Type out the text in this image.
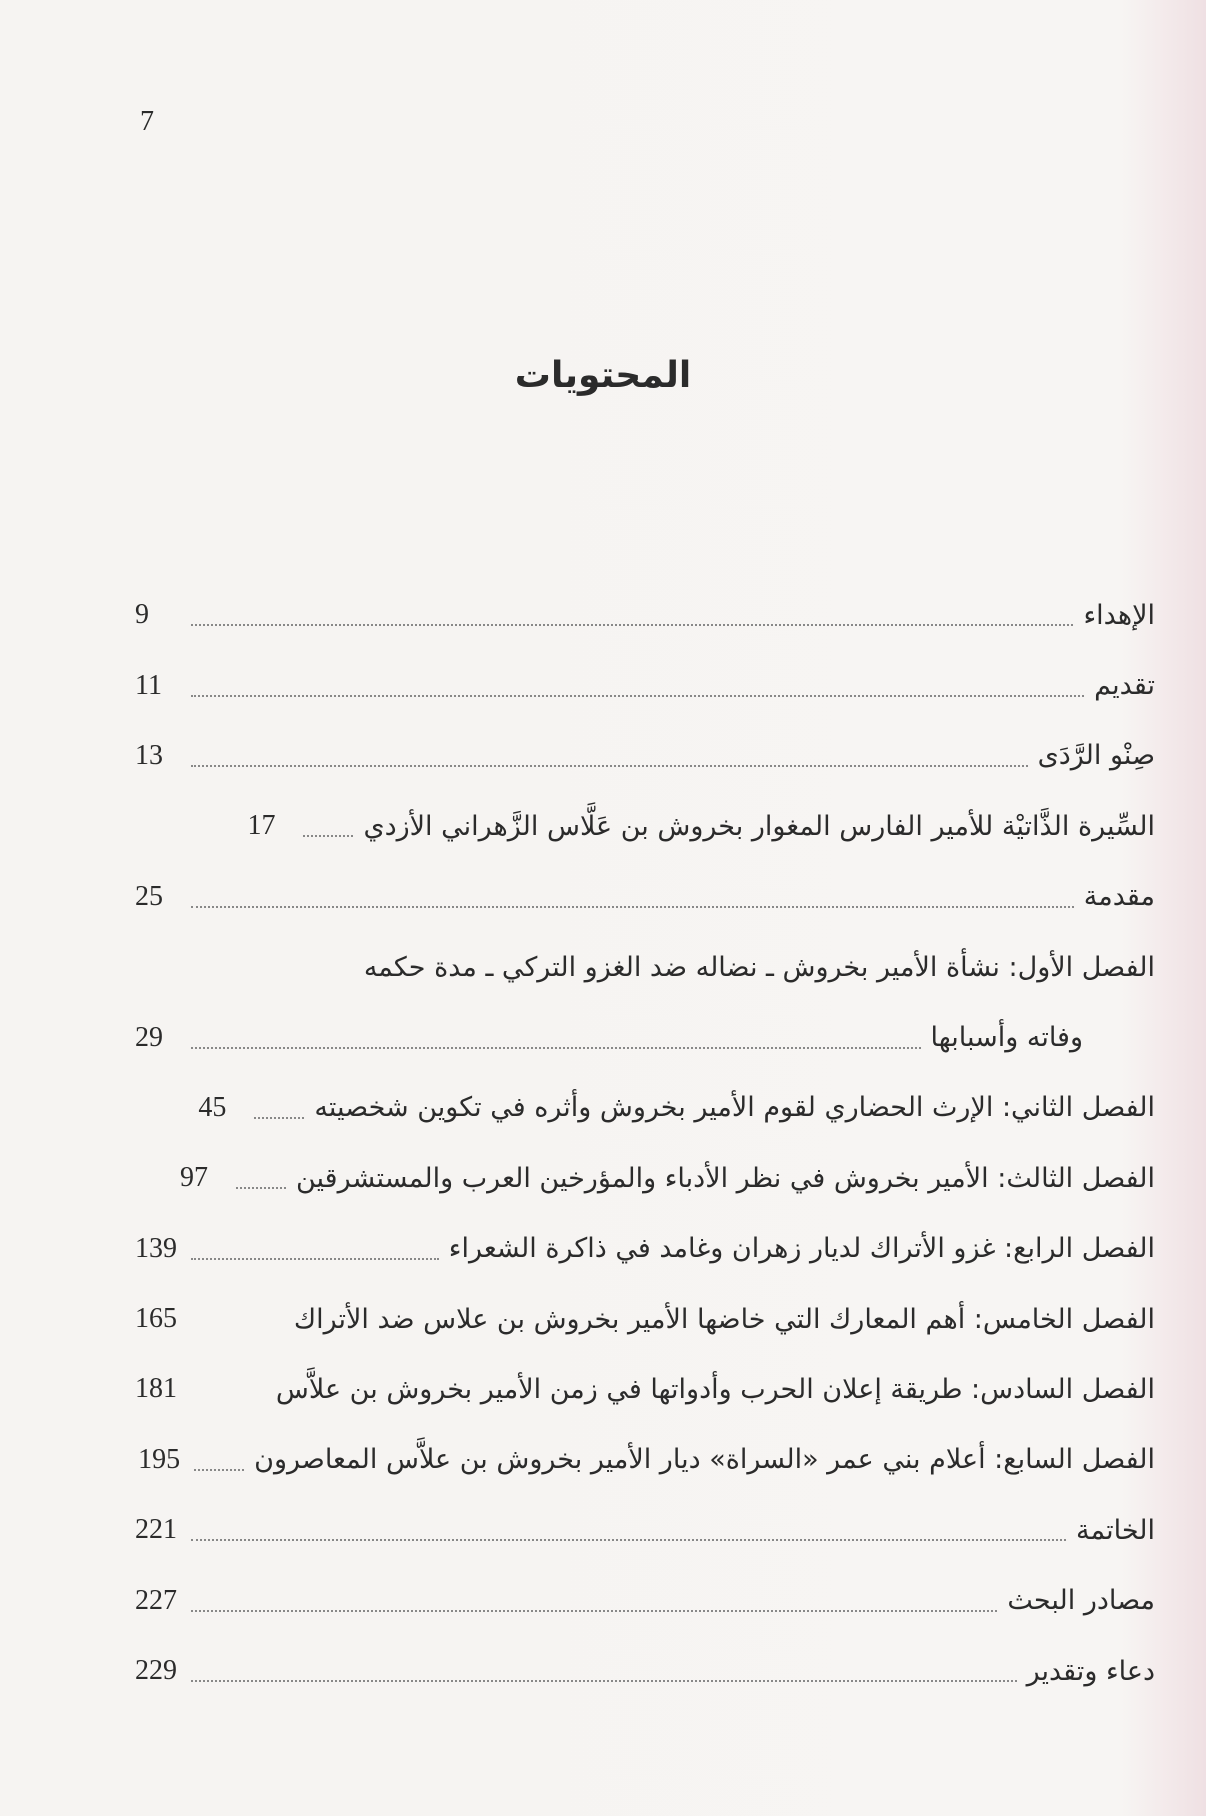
7
المحتويات
الإهداء
9
تقديم
11
صِنْو الرَّدَى
13
السِّيرة الذَّاتيْة للأمير الفارس المغوار بخروش بن عَلَّاس الزَّهراني الأزدي
17
مقدمة
25
الفصل الأول: نشأة الأمير بخروش ـ نضاله ضد الغزو التركي ـ مدة حكمه
وفاته وأسبابها
29
الفصل الثاني: الإرث الحضاري لقوم الأمير بخروش وأثره في تكوين شخصيته
45
الفصل الثالث: الأمير بخروش في نظر الأدباء والمؤرخين العرب والمستشرقين
97
الفصل الرابع: غزو الأتراك لديار زهران وغامد في ذاكرة الشعراء
139
الفصل الخامس: أهم المعارك التي خاضها الأمير بخروش بن علاس ضد الأتراك
165
الفصل السادس: طريقة إعلان الحرب وأدواتها في زمن الأمير بخروش بن علاَّس
181
الفصل السابع: أعلام بني عمر «السراة» ديار الأمير بخروش بن علاَّس المعاصرون
195
الخاتمة
221
مصادر البحث
227
دعاء وتقدير
229
